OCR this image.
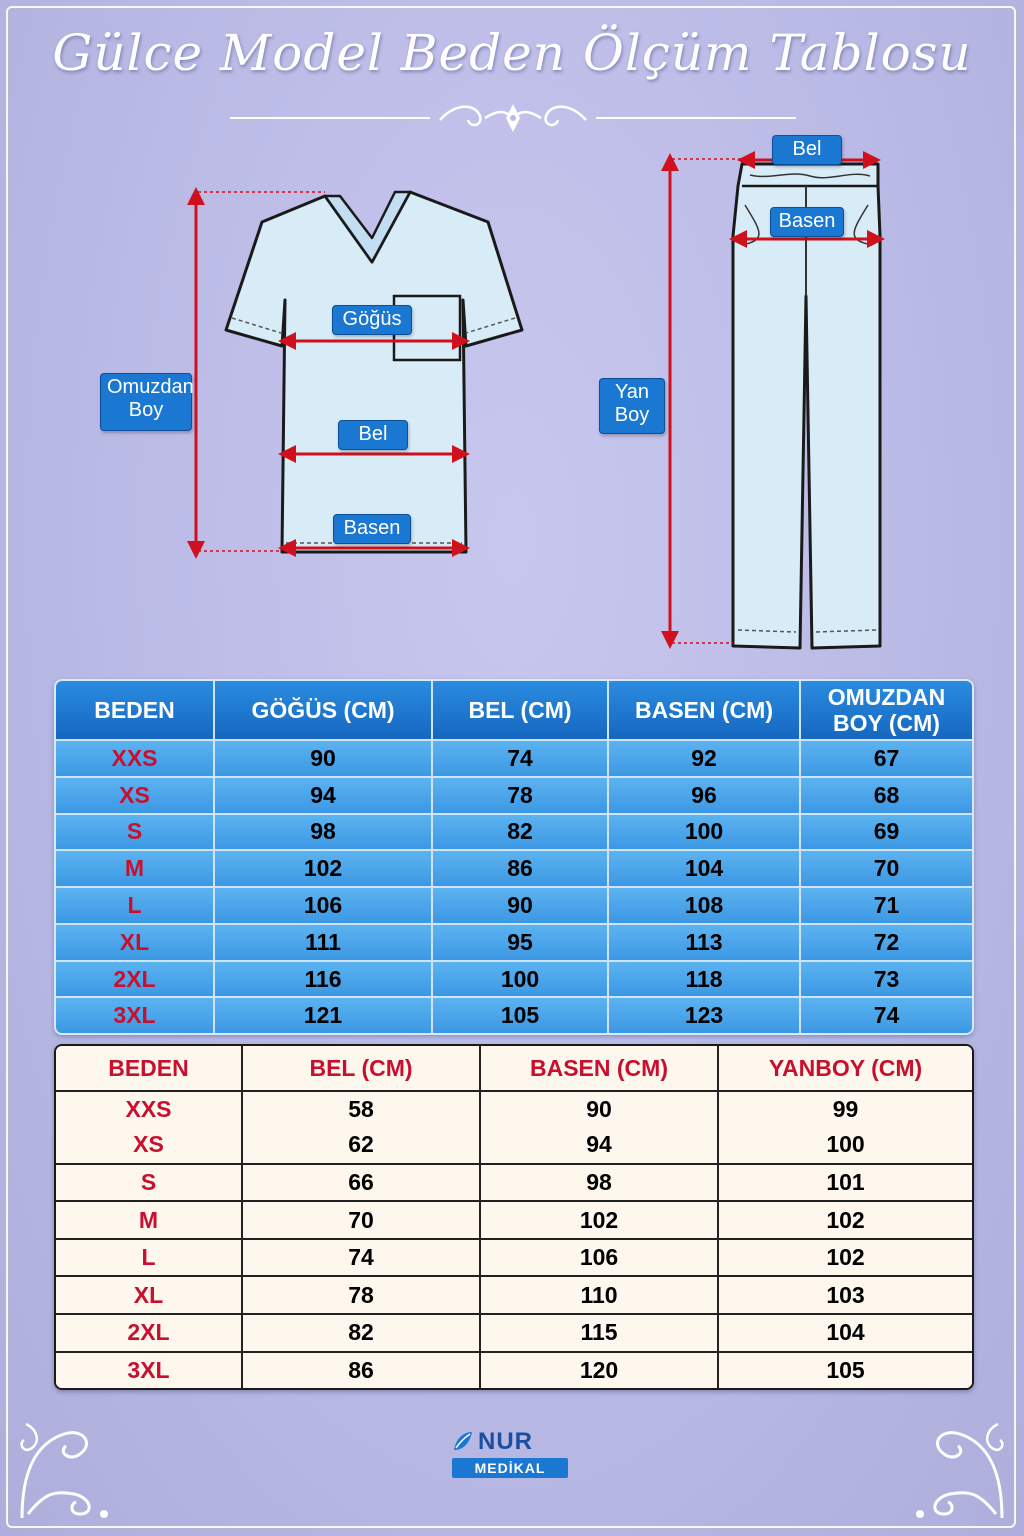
Gülce Model Beden Ölçüm Tablosu
Omuzdan Boy
Göğüs
Bel
Basen
Bel
Basen
Yan Boy
BEDEN	GÖĞÜS (CM)	BEL (CM)	BASEN (CM)	OMUZDAN BOY (CM)
XXS	90	74	92	67
XS	94	78	96	68
S	98	82	100	69
M	102	86	104	70
L	106	90	108	71
XL	111	95	113	72
2XL	116	100	118	73
3XL	121	105	123	74
BEDEN	BEL (CM)	BASEN (CM)	YANBOY (CM)
XXS	58	90	99
XS	62	94	100
S	66	98	101
M	70	102	102
L	74	106	102
XL	78	110	103
2XL	82	115	104
3XL	86	120	105
NUR
MEDİKAL
